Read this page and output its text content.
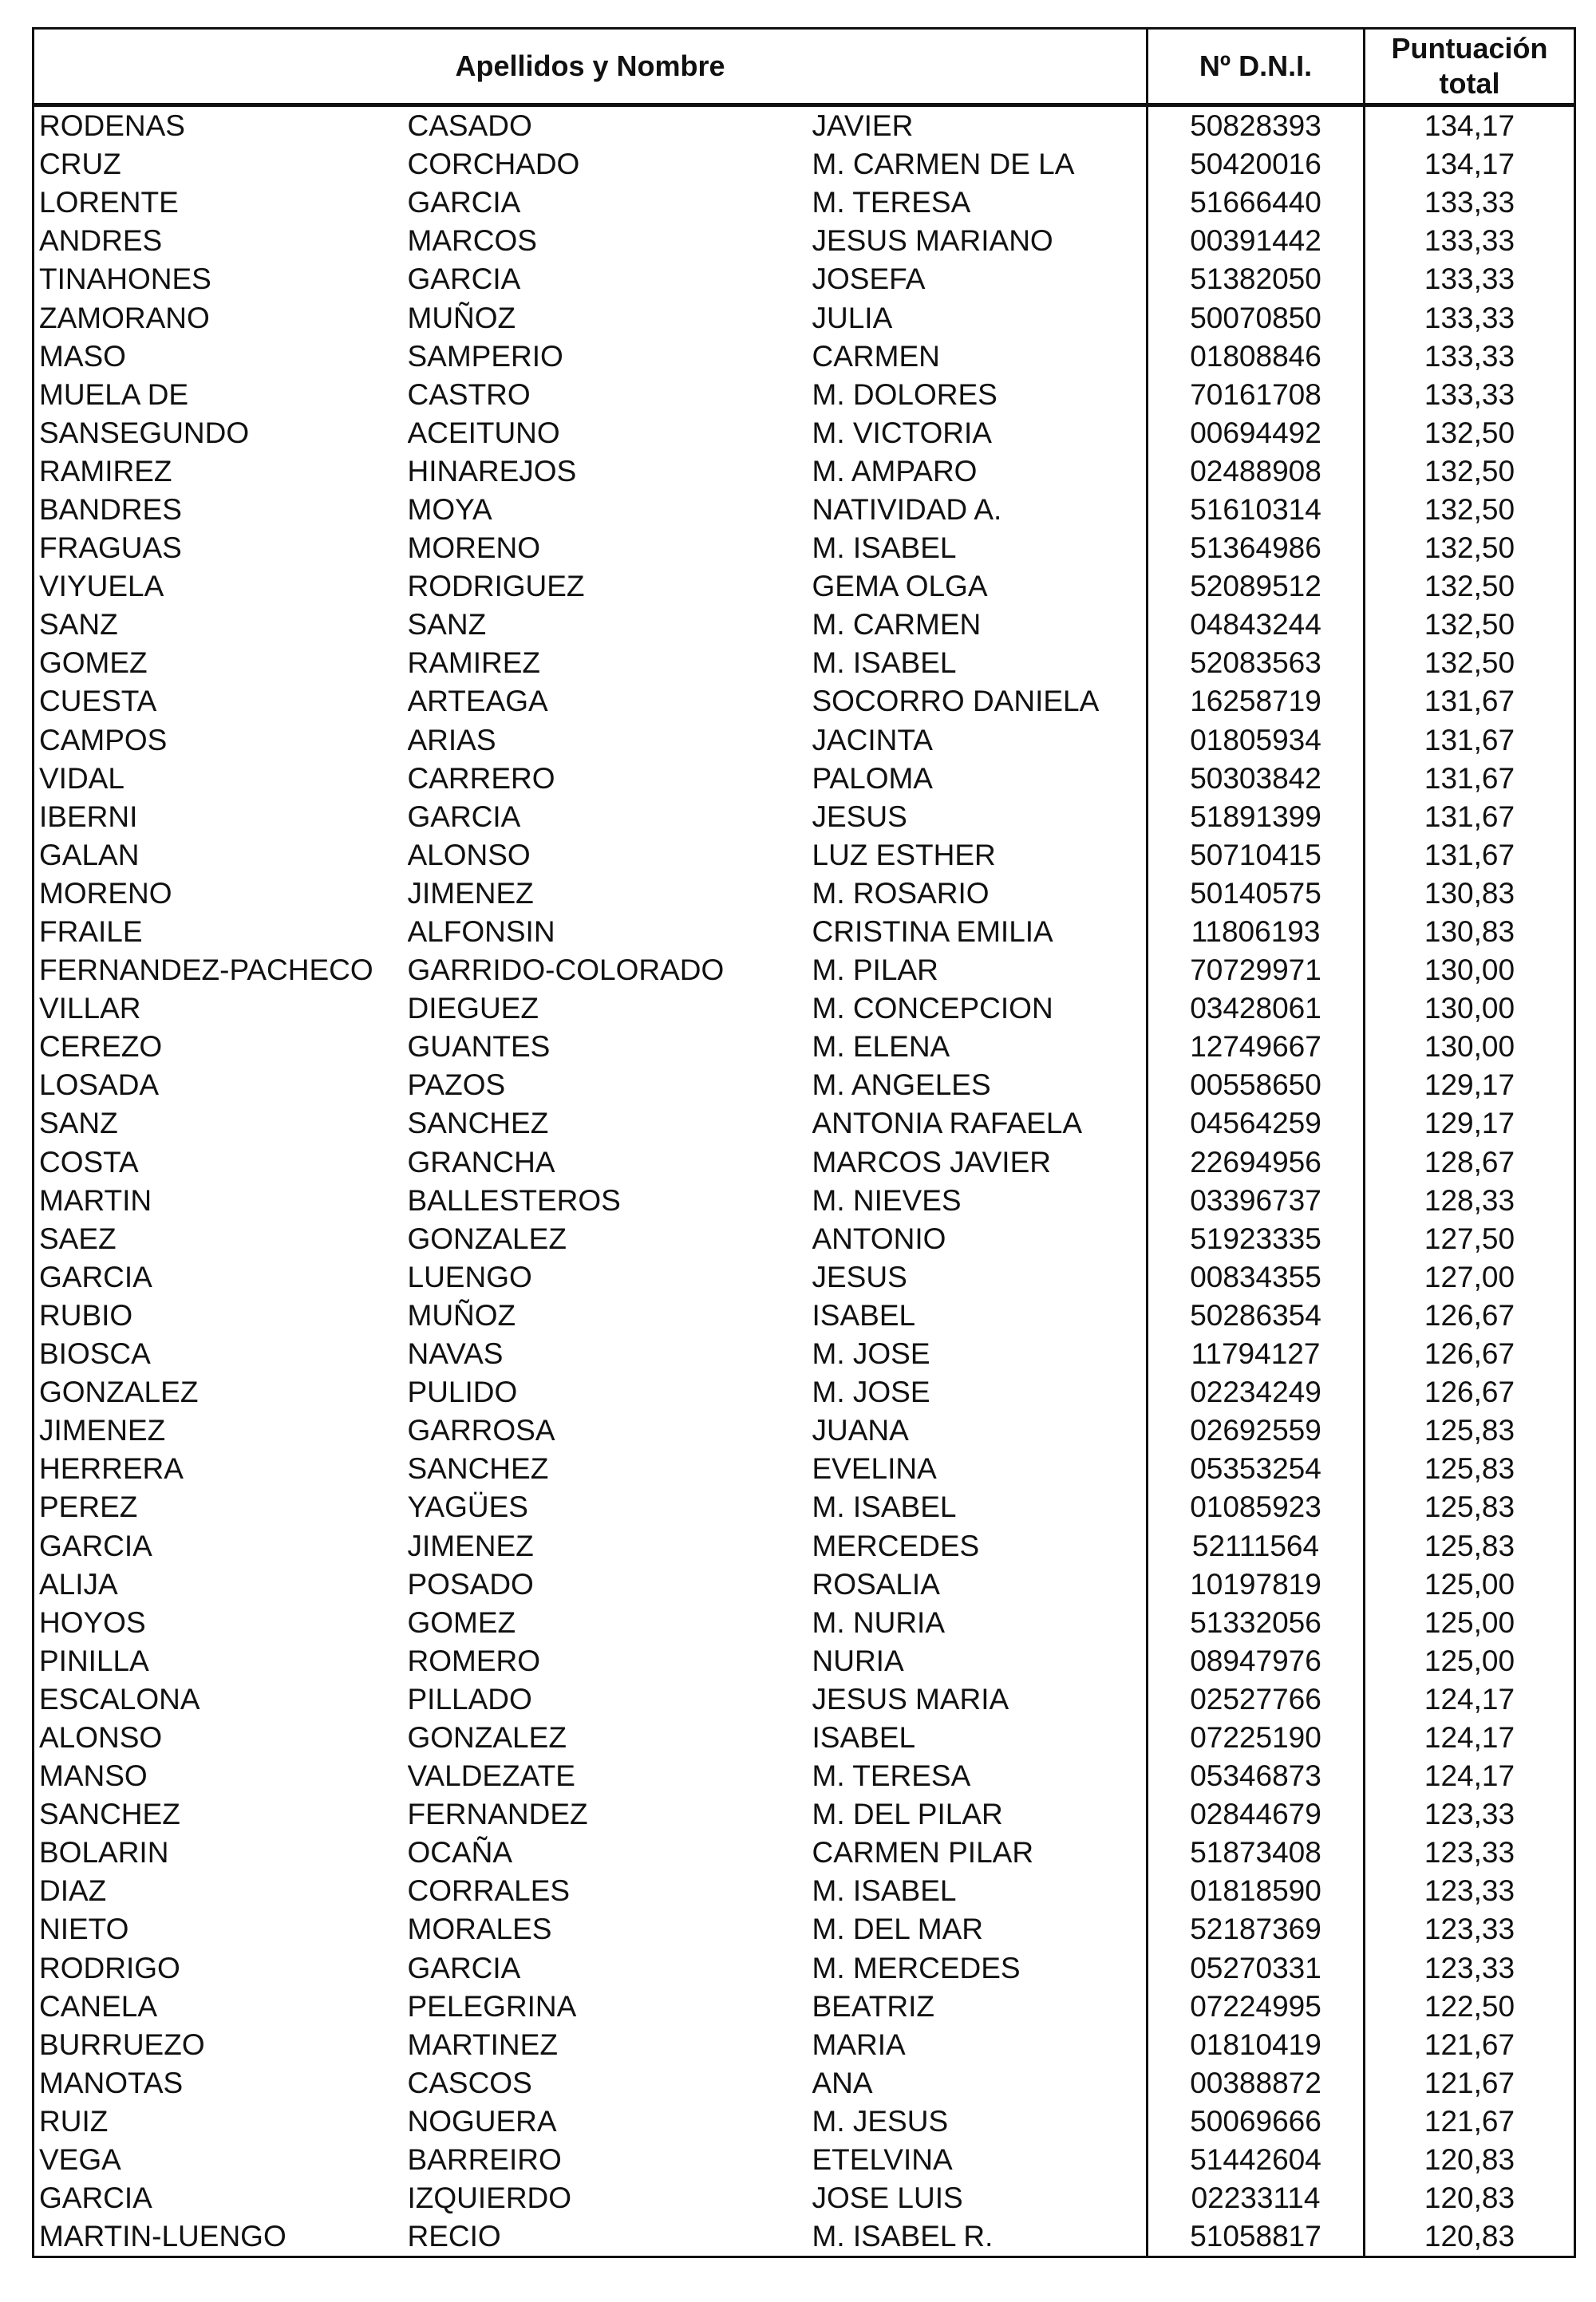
Apellidos y Nombre			Nº D.N.I.	Puntuación
total
RODENAS	CASADO	JAVIER	50828393	134,17
CRUZ	CORCHADO	M. CARMEN DE LA	50420016	134,17
LORENTE	GARCIA	M. TERESA	51666440	133,33
ANDRES	MARCOS	JESUS MARIANO	00391442	133,33
TINAHONES	GARCIA	JOSEFA	51382050	133,33
ZAMORANO	MUÑOZ	JULIA	50070850	133,33
MASO	SAMPERIO	CARMEN	01808846	133,33
MUELA DE	CASTRO	M. DOLORES	70161708	133,33
SANSEGUNDO	ACEITUNO	M. VICTORIA	00694492	132,50
RAMIREZ	HINAREJOS	M. AMPARO	02488908	132,50
BANDRES	MOYA	NATIVIDAD A.	51610314	132,50
FRAGUAS	MORENO	M. ISABEL	51364986	132,50
VIYUELA	RODRIGUEZ	GEMA OLGA	52089512	132,50
SANZ	SANZ	M. CARMEN	04843244	132,50
GOMEZ	RAMIREZ	M. ISABEL	52083563	132,50
CUESTA	ARTEAGA	SOCORRO DANIELA	16258719	131,67
CAMPOS	ARIAS	JACINTA	01805934	131,67
VIDAL	CARRERO	PALOMA	50303842	131,67
IBERNI	GARCIA	JESUS	51891399	131,67
GALAN	ALONSO	LUZ ESTHER	50710415	131,67
MORENO	JIMENEZ	M. ROSARIO	50140575	130,83
FRAILE	ALFONSIN	CRISTINA EMILIA	11806193	130,83
FERNANDEZ-PACHECO	GARRIDO-COLORADO	M. PILAR	70729971	130,00
VILLAR	DIEGUEZ	M. CONCEPCION	03428061	130,00
CEREZO	GUANTES	M. ELENA	12749667	130,00
LOSADA	PAZOS	M. ANGELES	00558650	129,17
SANZ	SANCHEZ	ANTONIA RAFAELA	04564259	129,17
COSTA	GRANCHA	MARCOS JAVIER	22694956	128,67
MARTIN	BALLESTEROS	M. NIEVES	03396737	128,33
SAEZ	GONZALEZ	ANTONIO	51923335	127,50
GARCIA	LUENGO	JESUS	00834355	127,00
RUBIO	MUÑOZ	ISABEL	50286354	126,67
BIOSCA	NAVAS	M. JOSE	11794127	126,67
GONZALEZ	PULIDO	M. JOSE	02234249	126,67
JIMENEZ	GARROSA	JUANA	02692559	125,83
HERRERA	SANCHEZ	EVELINA	05353254	125,83
PEREZ	YAGÜES	M. ISABEL	01085923	125,83
GARCIA	JIMENEZ	MERCEDES	52111564	125,83
ALIJA	POSADO	ROSALIA	10197819	125,00
HOYOS	GOMEZ	M. NURIA	51332056	125,00
PINILLA	ROMERO	NURIA	08947976	125,00
ESCALONA	PILLADO	JESUS MARIA	02527766	124,17
ALONSO	GONZALEZ	ISABEL	07225190	124,17
MANSO	VALDEZATE	M. TERESA	05346873	124,17
SANCHEZ	FERNANDEZ	M. DEL PILAR	02844679	123,33
BOLARIN	OCAÑA	CARMEN PILAR	51873408	123,33
DIAZ	CORRALES	M. ISABEL	01818590	123,33
NIETO	MORALES	M. DEL MAR	52187369	123,33
RODRIGO	GARCIA	M. MERCEDES	05270331	123,33
CANELA	PELEGRINA	BEATRIZ	07224995	122,50
BURRUEZO	MARTINEZ	MARIA	01810419	121,67
MANOTAS	CASCOS	ANA	00388872	121,67
RUIZ	NOGUERA	M. JESUS	50069666	121,67
VEGA	BARREIRO	ETELVINA	51442604	120,83
GARCIA	IZQUIERDO	JOSE LUIS	02233114	120,83
MARTIN-LUENGO	RECIO	M. ISABEL R.	51058817	120,83
